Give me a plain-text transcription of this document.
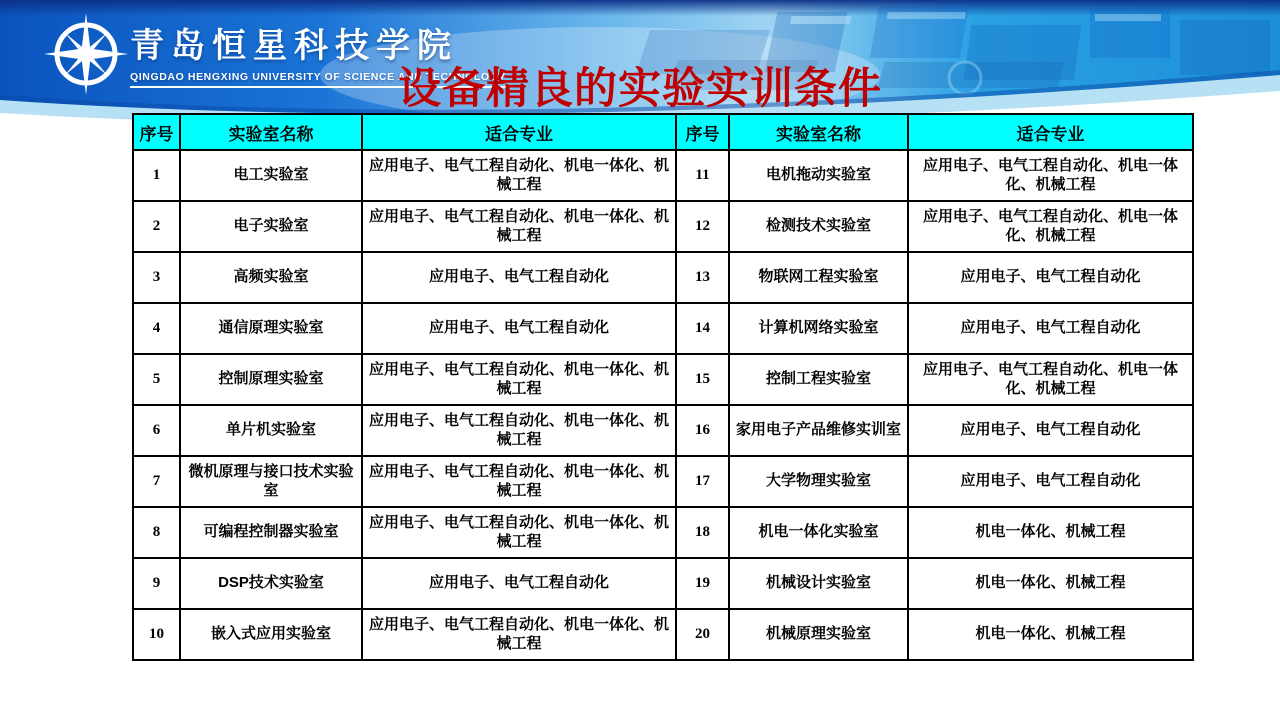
青岛恒星科技学院
QINGDAO HENGXING UNIVERSITY OF SCIENCE AND TECHNOLOGY
设备精良的实验实训条件
序号	实验室名称	适合专业	序号	实验室名称	适合专业
1	电工实验室	应用电子、电气工程自动化、机电一体化、机械工程	11	电机拖动实验室	应用电子、电气工程自动化、机电一体化、机械工程
2	电子实验室	应用电子、电气工程自动化、机电一体化、机械工程	12	检测技术实验室	应用电子、电气工程自动化、机电一体化、机械工程
3	高频实验室	应用电子、电气工程自动化	13	物联网工程实验室	应用电子、电气工程自动化
4	通信原理实验室	应用电子、电气工程自动化	14	计算机网络实验室	应用电子、电气工程自动化
5	控制原理实验室	应用电子、电气工程自动化、机电一体化、机械工程	15	控制工程实验室	应用电子、电气工程自动化、机电一体化、机械工程
6	单片机实验室	应用电子、电气工程自动化、机电一体化、机械工程	16	家用电子产品维修实训室	应用电子、电气工程自动化
7	微机原理与接口技术实验室	应用电子、电气工程自动化、机电一体化、机械工程	17	大学物理实验室	应用电子、电气工程自动化
8	可编程控制器实验室	应用电子、电气工程自动化、机电一体化、机械工程	18	机电一体化实验室	机电一体化、机械工程
9	DSP技术实验室	应用电子、电气工程自动化	19	机械设计实验室	机电一体化、机械工程
10	嵌入式应用实验室	应用电子、电气工程自动化、机电一体化、机械工程	20	机械原理实验室	机电一体化、机械工程
